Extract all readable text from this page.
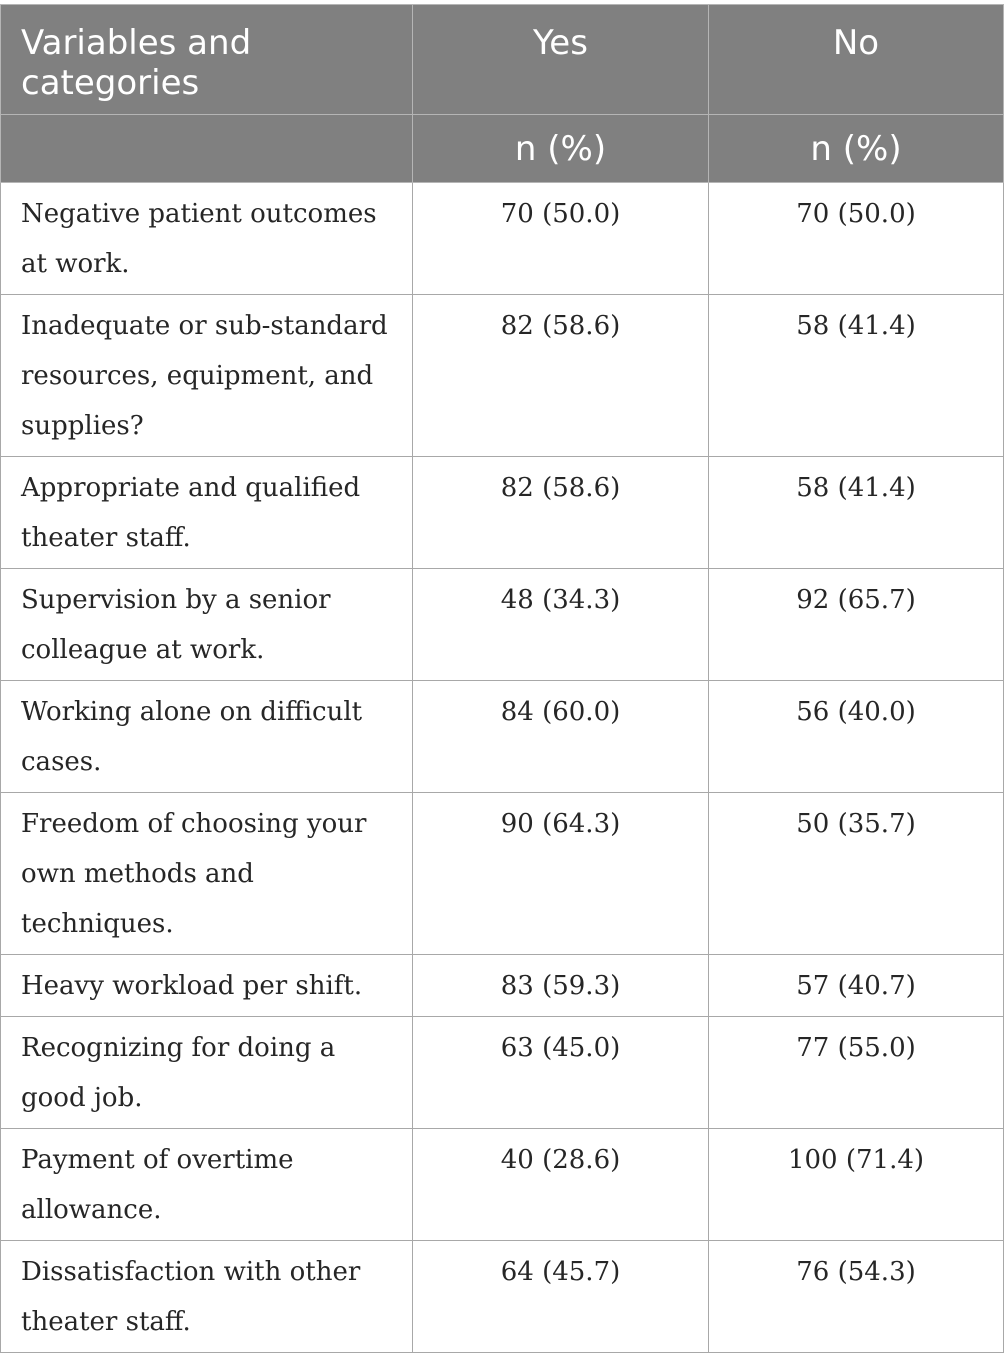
Variables and categories	Yes	No
	n (%)	n (%)
Negative patient outcomes at work.	70 (50.0)	70 (50.0)
Inadequate or sub-standard resources, equipment, and supplies?	82 (58.6)	58 (41.4)
Appropriate and qualified theater staff.	82 (58.6)	58 (41.4)
Supervision by a senior colleague at work.	48 (34.3)	92 (65.7)
Working alone on difficult cases.	84 (60.0)	56 (40.0)
Freedom of choosing your own methods and techniques.	90 (64.3)	50 (35.7)
Heavy workload per shift.	83 (59.3)	57 (40.7)
Recognizing for doing a good job.	63 (45.0)	77 (55.0)
Payment of overtime allowance.	40 (28.6)	100 (71.4)
Dissatisfaction with other theater staff.	64 (45.7)	76 (54.3)
